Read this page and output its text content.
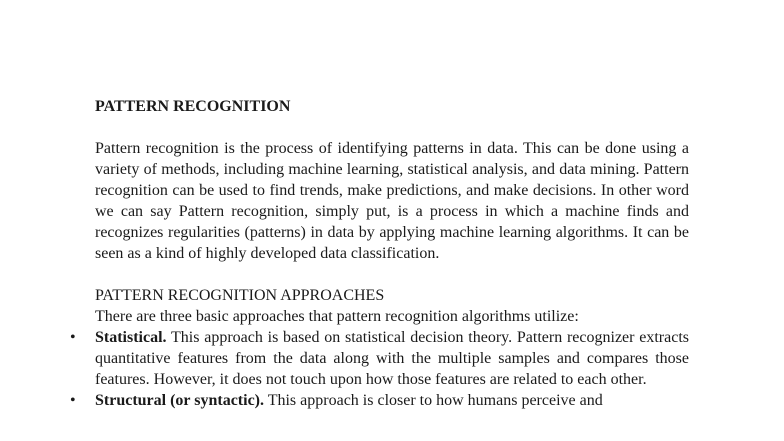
PATTERN RECOGNITION

Pattern recognition is the process of identifying patterns in data. This can be done using a variety of methods, including machine learning, statistical analysis, and data mining. Pattern recognition can be used to find trends, make predictions, and make decisions. In other word we can say Pattern recognition, simply put, is a process in which a machine finds and recognizes regularities (patterns) in data by applying machine learning algorithms. It can be seen as a kind of highly developed data classification.

PATTERN RECOGNITION APPROACHES

There are three basic approaches that pattern recognition algorithms utilize:

• Statistical. This approach is based on statistical decision theory. Pattern recognizer extracts quantitative features from the data along with the multiple samples and compares those features. However, it does not touch upon how those features are related to each other.
• Structural (or syntactic). This approach is closer to how humans perceive and
